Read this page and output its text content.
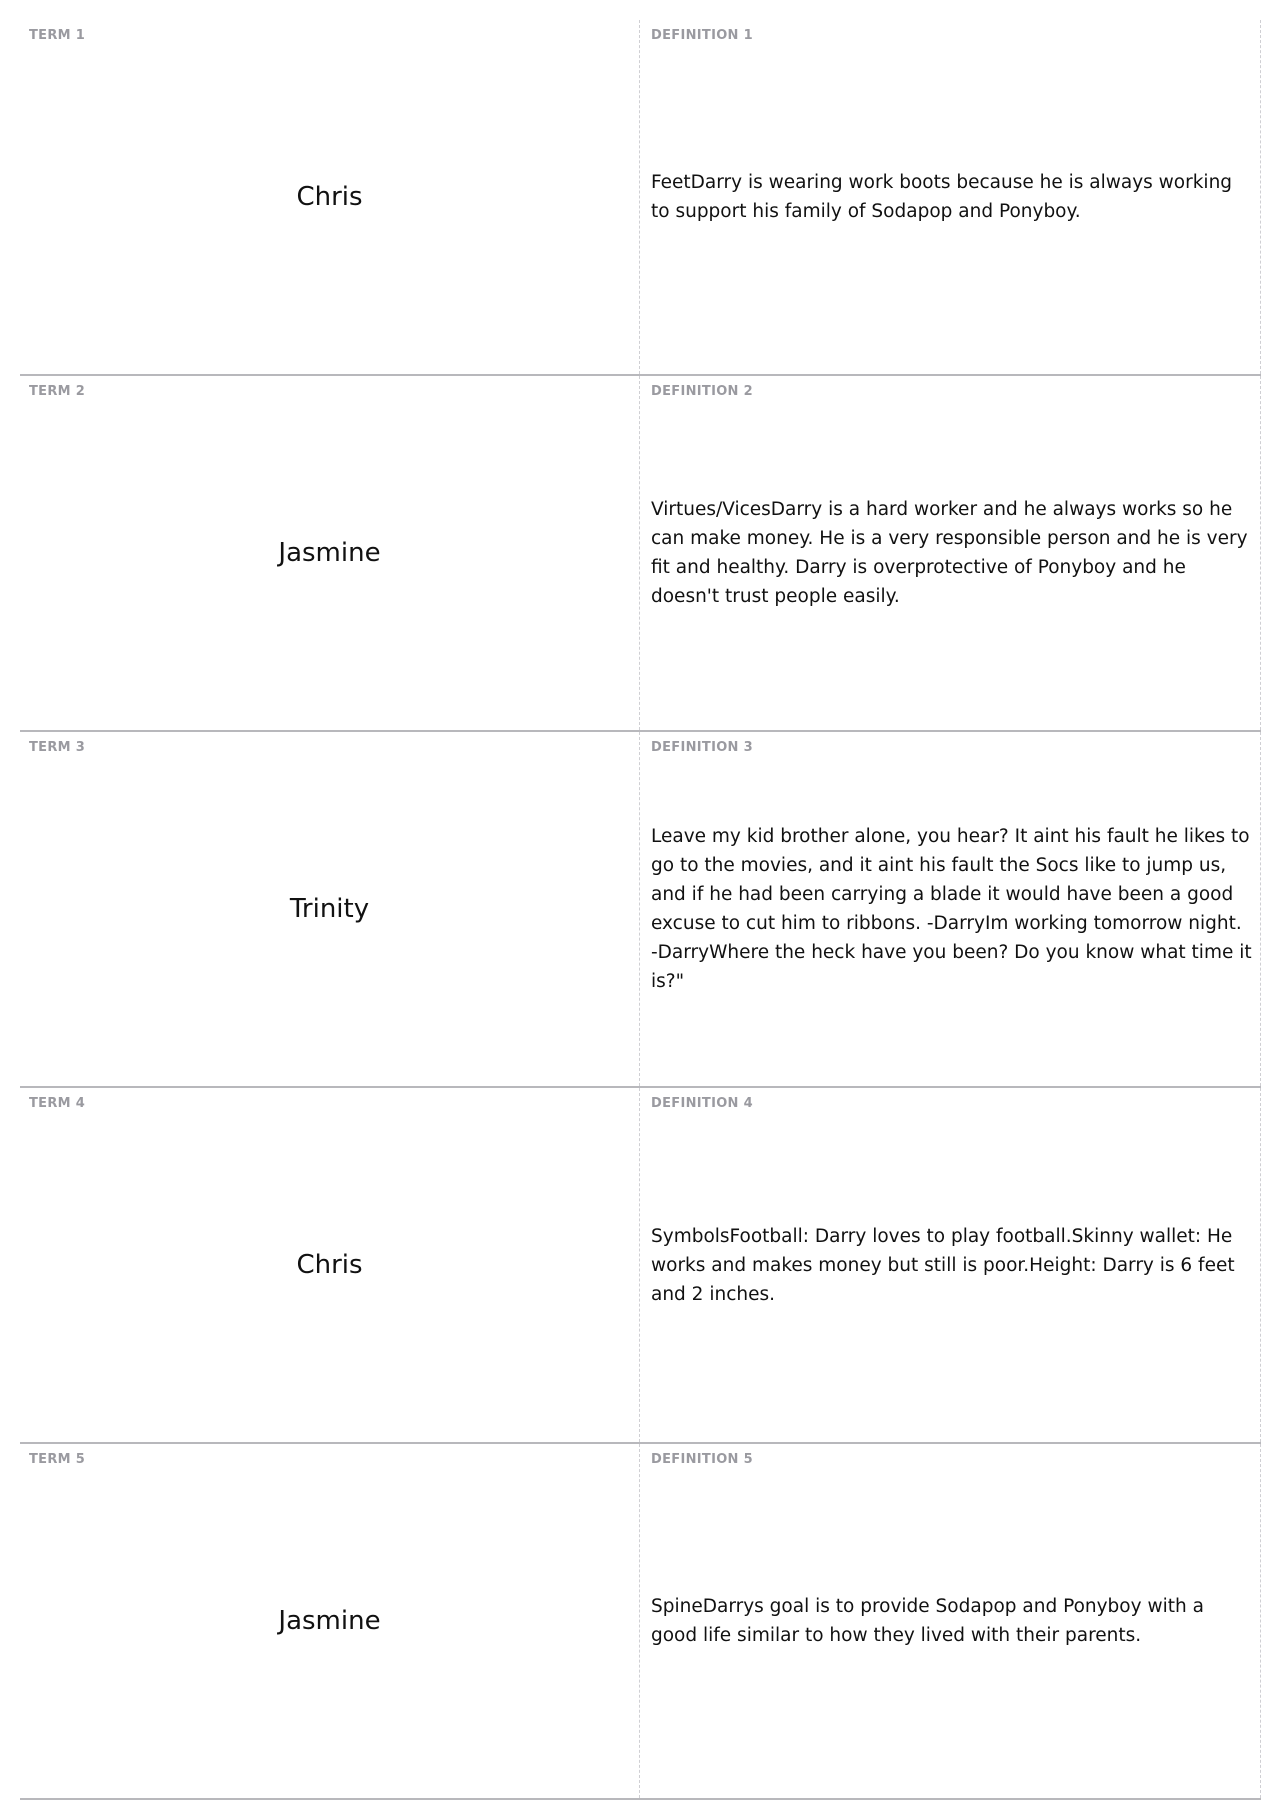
TERM 1
Chris
DEFINITION 1
FeetDarry is wearing work boots because he is always working to support his family of Sodapop and Ponyboy.
TERM 2
Jasmine
DEFINITION 2
Virtues/VicesDarry is a hard worker and he always works so he can make money. He is a very responsible person and he is very fit and healthy. Darry is overprotective of Ponyboy and he doesn't trust people easily.
TERM 3
Trinity
DEFINITION 3
Leave my kid brother alone, you hear? It aint his fault he likes to go to the movies, and it aint his fault the Socs like to jump us, and if he had been carrying a blade it would have been a good excuse to cut him to ribbons. -DarryIm working tomorrow night. -DarryWhere the heck have you been? Do you know what time it is?"
TERM 4
Chris
DEFINITION 4
SymbolsFootball: Darry loves to play football.Skinny wallet: He works and makes money but still is poor.Height: Darry is 6 feet and 2 inches.
TERM 5
Jasmine
DEFINITION 5
SpineDarrys goal is to provide Sodapop and Ponyboy with a good life similar to how they lived with their parents.
